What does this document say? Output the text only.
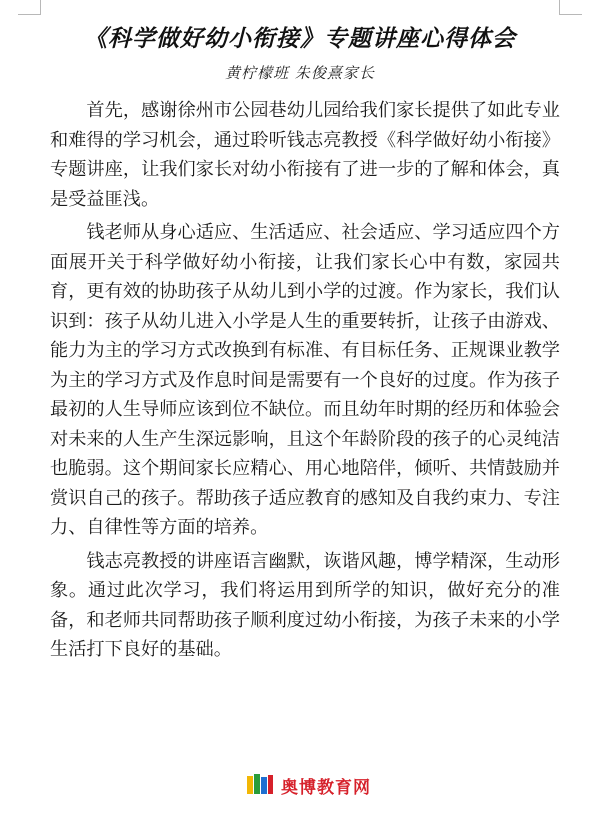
《科学做好幼小衔接》专题讲座心得体会
黄柠檬班 朱俊熹家长

首先，感谢徐州市公园巷幼儿园给我们家长提供了如此专业和难得的学习机会，通过聆听钱志亮教授《科学做好幼小衔接》专题讲座，让我们家长对幼小衔接有了进一步的了解和体会，真是受益匪浅。

钱老师从身心适应、生活适应、社会适应、学习适应四个方面展开关于科学做好幼小衔接，让我们家长心中有数，家园共育，更有效的协助孩子从幼儿到小学的过渡。作为家长，我们认识到：孩子从幼儿进入小学是人生的重要转折，让孩子由游戏、能力为主的学习方式改换到有标准、有目标任务、正规课业教学为主的学习方式及作息时间是需要有一个良好的过度。作为孩子最初的人生导师应该到位不缺位。而且幼年时期的经历和体验会对未来的人生产生深远影响，且这个年龄阶段的孩子的心灵纯洁也脆弱。这个期间家长应精心、用心地陪伴，倾听、共情鼓励并赏识自己的孩子。帮助孩子适应教育的感知及自我约束力、专注力、自律性等方面的培养。

钱志亮教授的讲座语言幽默，诙谐风趣，博学精深，生动形象。通过此次学习，我们将运用到所学的知识，做好充分的准备，和老师共同帮助孩子顺利度过幼小衔接，为孩子未来的小学生活打下良好的基础。

奥博教育网
